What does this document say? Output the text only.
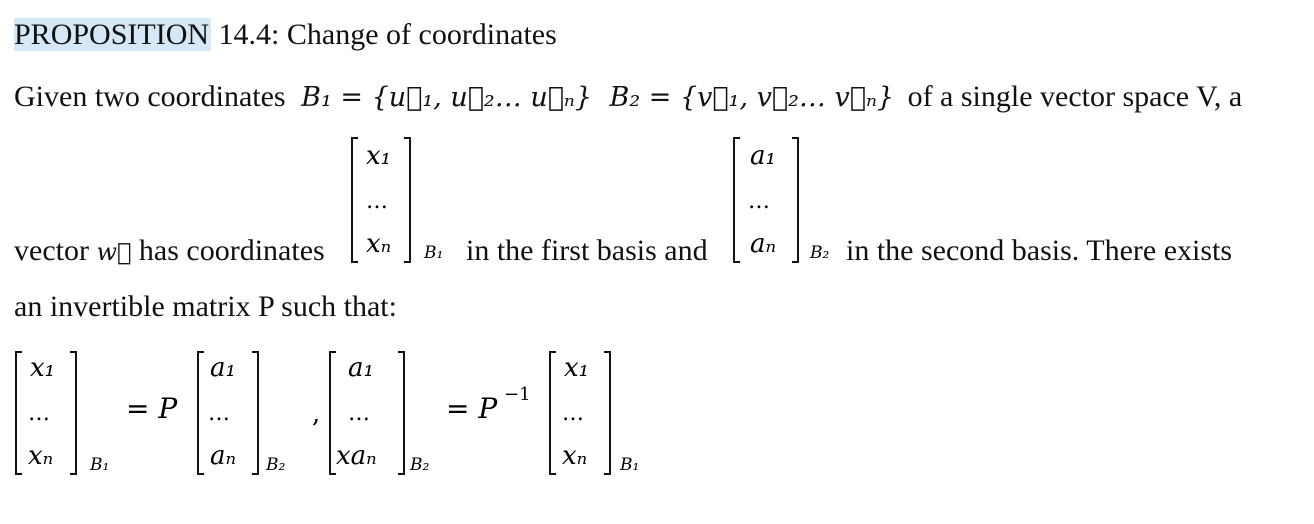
PROPOSITION 14.4: Change of coordinates
Given two coordinates B₁ = {u⃗₁, u⃗₂… u⃗ₙ} B₂ = {v⃗₁, v⃗₂… v⃗ₙ} of a single vector space V, a
vector w⃗ has coordinates	in the first basis and	in the second basis. There exists
x₁
…
xₙ B₁
a₁
…
aₙ B₂
an invertible matrix P such that:
x₁
…
xₙ B₁
= P
a₁
…
aₙ B₂
,
a₁
…
xaₙ B₂
= P −1
x₁
…
xₙ B₁
